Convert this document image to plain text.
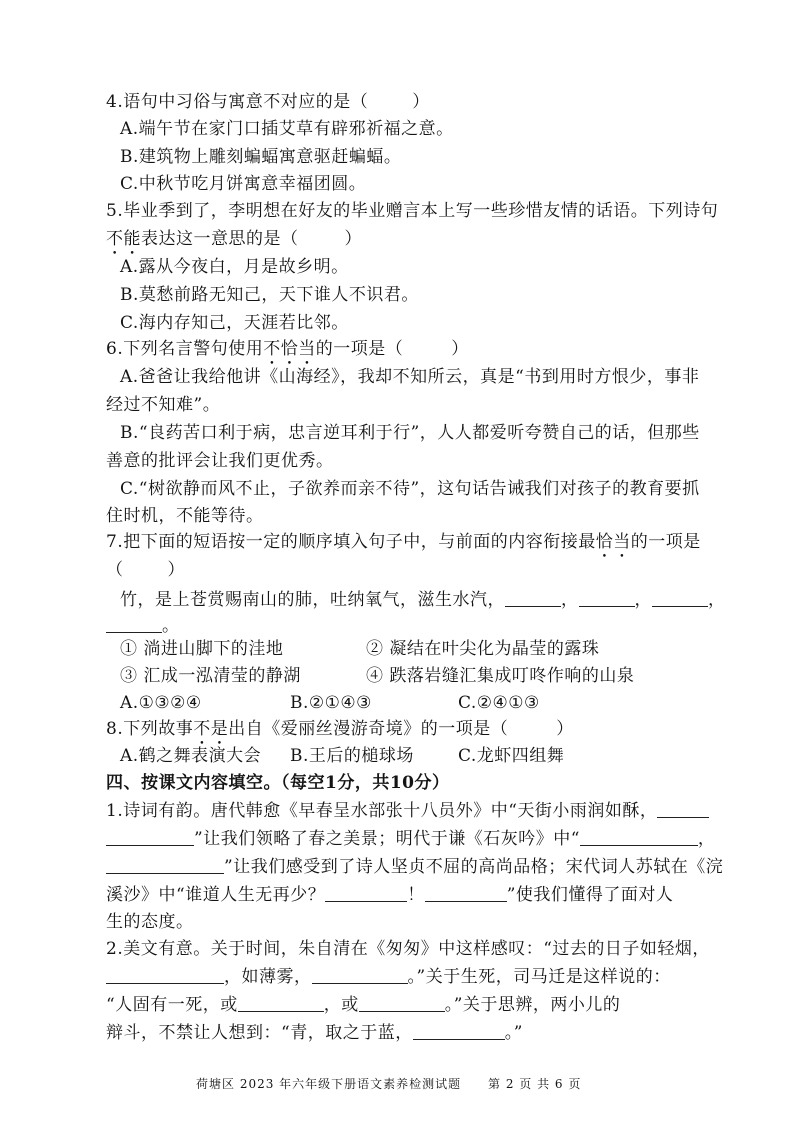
4.语句中习俗与寓意不对应的是（	）
A.端午节在家门口插艾草有辟邪祈福之意。
B.建筑物上雕刻蝙蝠寓意驱赶蝙蝠。
C.中秋节吃月饼寓意幸福团圆。
5.毕业季到了，李明想在好友的毕业赠言本上写一些珍惜友情的话语。下列诗句
不能表达这一意思的是（	）
A.露从今夜白，月是故乡明。
B.莫愁前路无知己，天下谁人不识君。
C.海内存知己，天涯若比邻。
6.下列名言警句使用不恰当的一项是（	）
A.爸爸让我给他讲《山海经》，我却不知所云，真是“书到用时方恨少，事非
经过不知难”。
B.“良药苦口利于病，忠言逆耳利于行”，人人都爱听夸赞自己的话，但那些
善意的批评会让我们更优秀。
C.“树欲静而风不止，子欲养而亲不待”，这句话告诫我们对孩子的教育要抓
住时机，不能等待。
7.把下面的短语按一定的顺序填入句子中，与前面的内容衔接最恰当的一项是
（	）
竹，是上苍赏赐南山的肺，吐纳氧气，滋生水汽，	，	，	，
。
① 淌进山脚下的洼地	② 凝结在叶尖化为晶莹的露珠
③ 汇成一泓清莹的静湖	④ 跌落岩缝汇集成叮咚作响的山泉
A.①③②④	B.②①④③	C.②④①③
8.下列故事不是出自《爱丽丝漫游奇境》的一项是（	）
A.鹤之舞表演大会 B.王后的槌球场	C.龙虾四组舞
四、按课文内容填空。（每空1分，共10分）
1.诗词有韵。唐代韩愈《早春呈水部张十八员外》中“天街小雨润如酥，
”让我们领略了春之美景；明代于谦《石灰吟》中“	，
”让我们感受到了诗人坚贞不屈的高尚品格；宋代词人苏轼在《浣
溪沙》中“谁道人生无再少？	！	”使我们懂得了面对人
生的态度。
2.美文有意。关于时间，朱自清在《匆匆》中这样感叹：“过去的日子如轻烟，
，如薄雾，	。”关于生死，司马迁是这样说的：
“人固有一死，或	，或	。”关于思辨，两小儿的
辩斗，不禁让人想到：“青，取之于蓝，	。”
荷塘区 2023 年六年级下册语文素养检测试题 第 2 页 共 6 页
